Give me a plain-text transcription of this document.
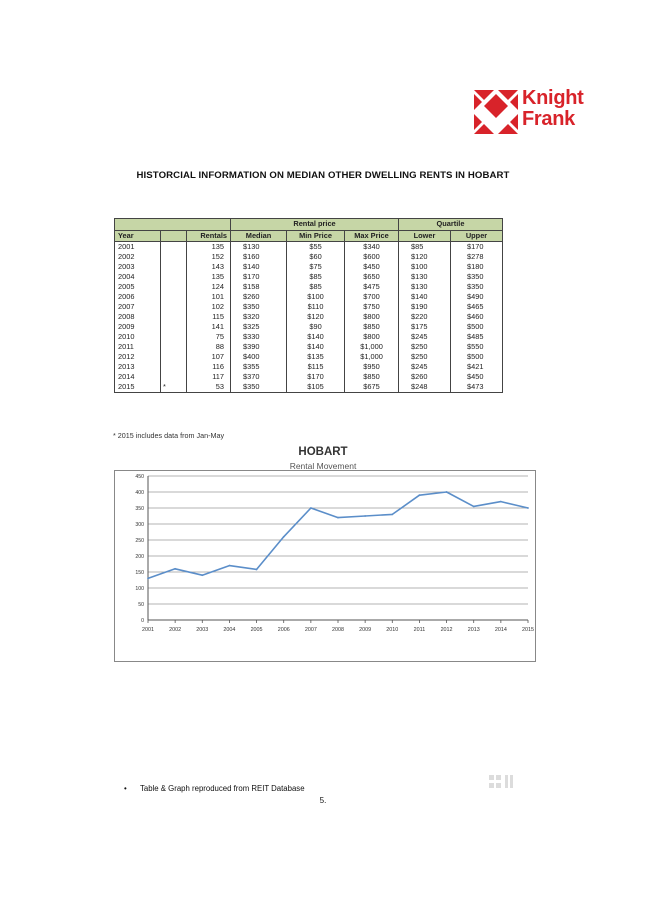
Knight
Frank
HISTORCIAL INFORMATION ON MEDIAN OTHER DWELLING RENTS IN HOBART
			Rental price			Quartile	
Year		Rentals	Median	Min Price	Max Price	Lower	Upper
2001		135	$130	$55	$340	$85	$170
2002		152	$160	$60	$600	$120	$278
2003		143	$140	$75	$450	$100	$180
2004		135	$170	$85	$650	$130	$350
2005		124	$158	$85	$475	$130	$350
2006		101	$260	$100	$700	$140	$490
2007		102	$350	$110	$750	$190	$465
2008		115	$320	$120	$800	$220	$460
2009		141	$325	$90	$850	$175	$500
2010		75	$330	$140	$800	$245	$485
2011		88	$390	$140	$1,000	$250	$550
2012		107	$400	$135	$1,000	$250	$500
2013		116	$355	$115	$950	$245	$421
2014		117	$370	$170	$850	$260	$450
2015	*	53	$350	$105	$675	$248	$473
* 2015 includes data from Jan-May
HOBART
Rental Movement
0
50
100
150
200
250
300
350
400
450
2001	2002	2003	2004	2005	2006	2007	2008	2009	2010	2011	2012	2013	2014	2015
• Table & Graph reproduced from REIT Database
5.
